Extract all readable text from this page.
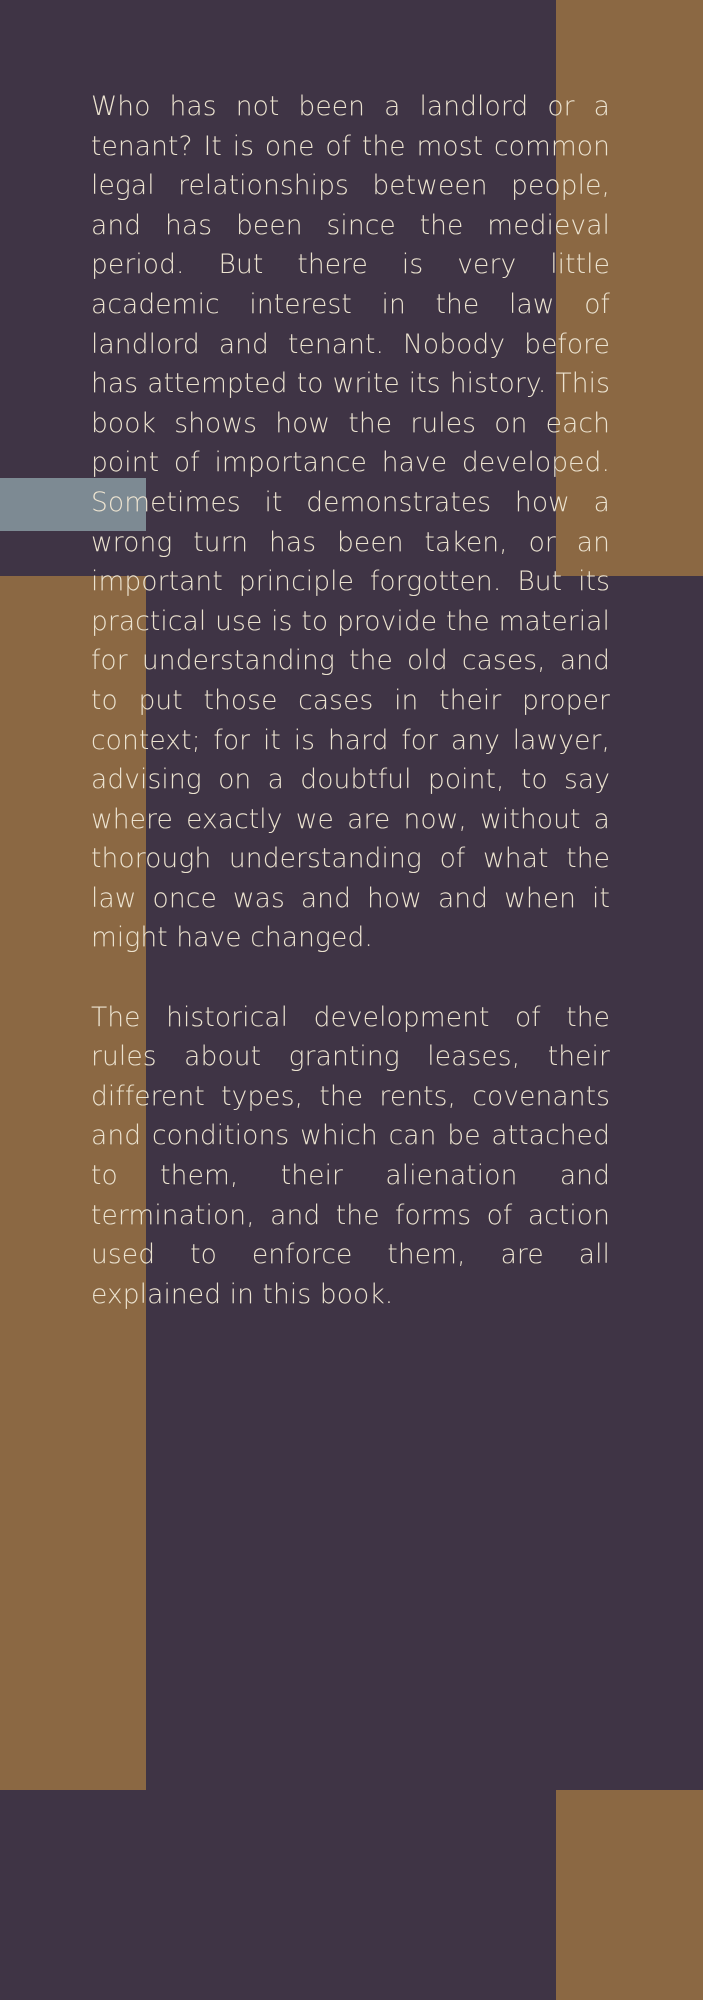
Who has not been a landlord or a tenant? It is one of the most common legal relationships between people, and has been since the medieval period. But there is very little academic interest in the law of landlord and tenant. Nobody before has attempted to write its history. This book shows how the rules on each point of importance have developed. Sometimes it demonstrates how a wrong turn has been taken, or an important principle forgotten. But its practical use is to provide the material for understanding the old cases, and to put those cases in their proper context; for it is hard for any lawyer, advising on a doubtful point, to say where exactly we are now, without a thorough understanding of what the law once was and how and when it might have changed.

The historical development of the rules about granting leases, their different types, the rents, covenants and conditions which can be attached to them, their alienation and termination, and the forms of action used to enforce them, are all explained in this book.
